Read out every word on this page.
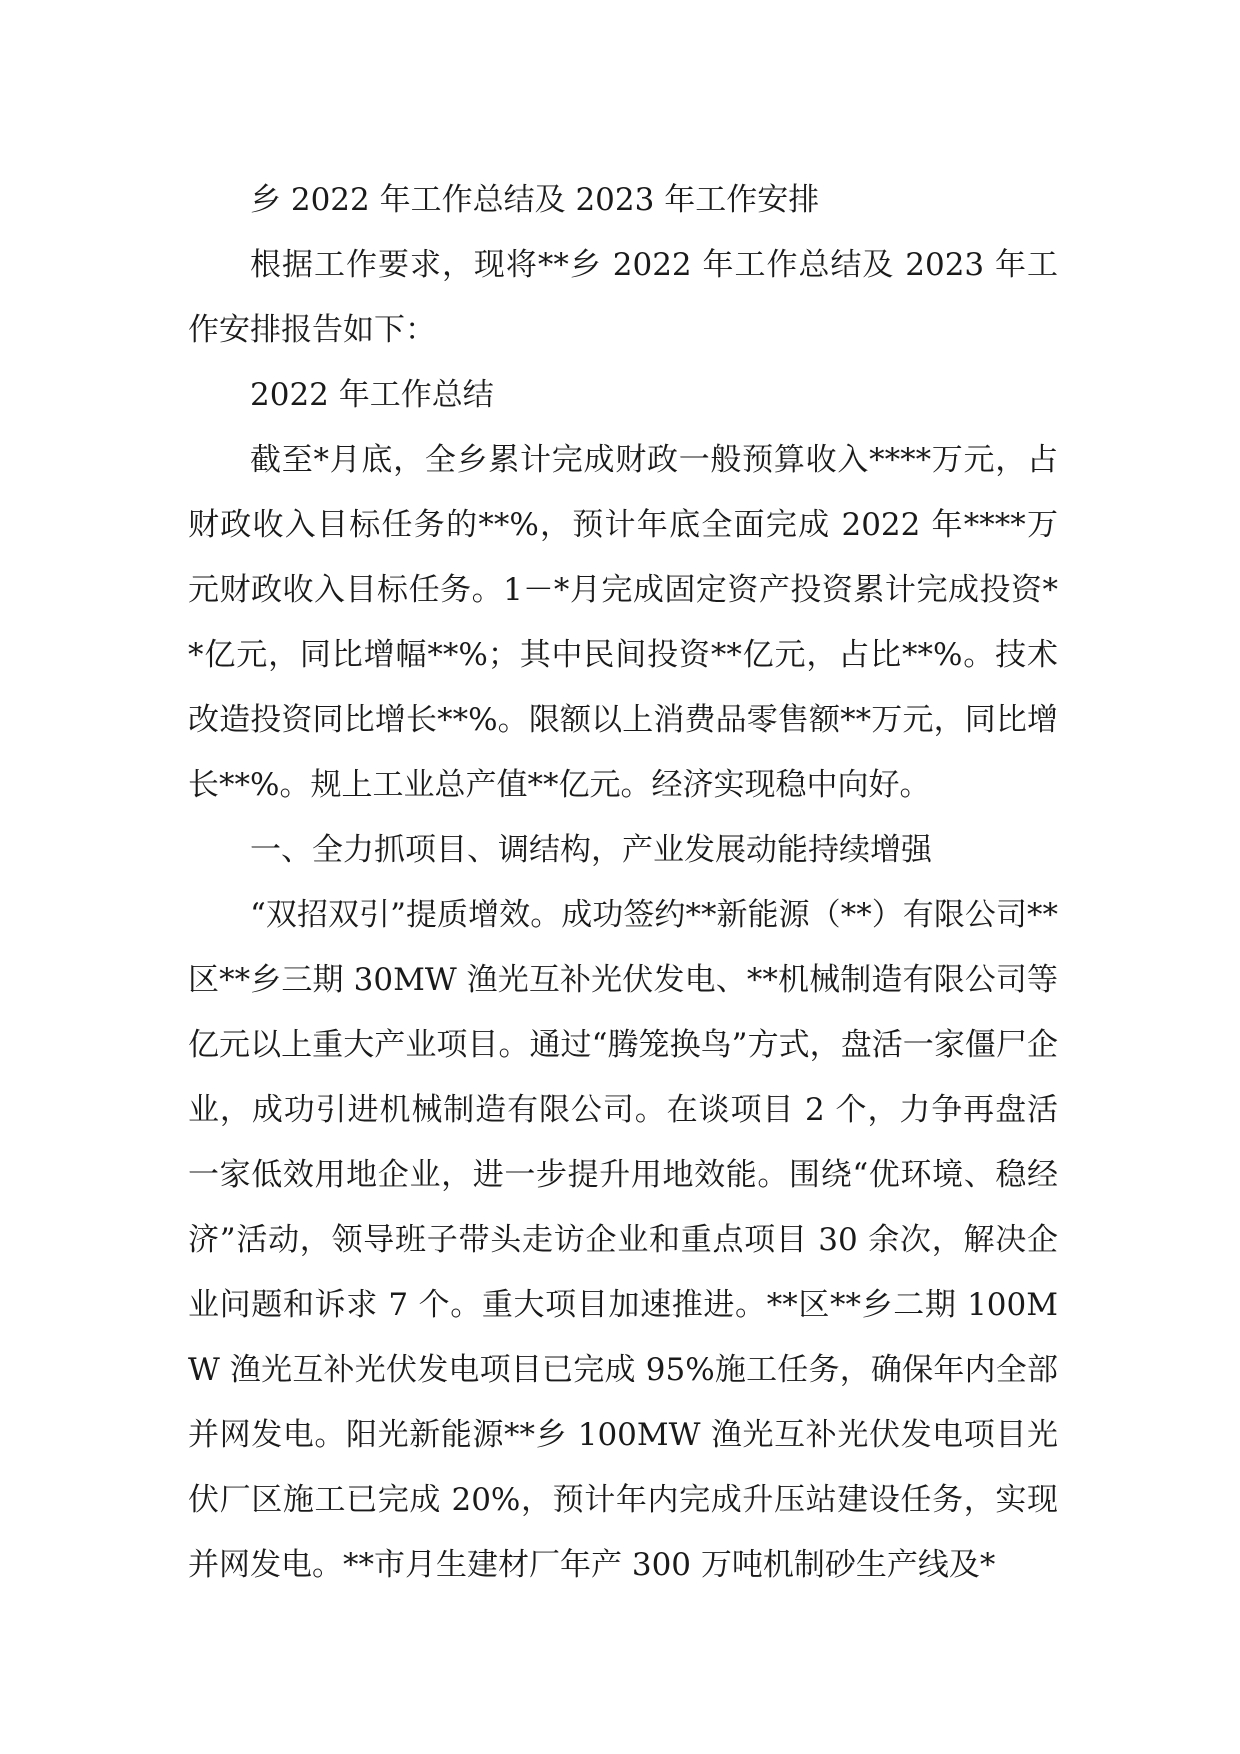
乡 2022 年工作总结及 2023 年工作安排

根据工作要求，现将**乡 2022 年工作总结及 2023 年工作安排报告如下：

2022 年工作总结

截至*月底，全乡累计完成财政一般预算收入****万元，占财政收入目标任务的**%，预计年底全面完成 2022 年****万元财政收入目标任务。1－*月完成固定资产投资累计完成投资**亿元，同比增幅**%；其中民间投资**亿元，占比**%。技术改造投资同比增长**%。限额以上消费品零售额**万元，同比增长**%。规上工业总产值**亿元。经济实现稳中向好。

一、全力抓项目、调结构，产业发展动能持续增强

“双招双引”提质增效。成功签约**新能源（**）有限公司**区**乡三期 30MW 渔光互补光伏发电、**机械制造有限公司等亿元以上重大产业项目。通过“腾笼换鸟”方式，盘活一家僵尸企业，成功引进机械制造有限公司。在谈项目 2 个，力争再盘活一家低效用地企业，进一步提升用地效能。围绕“优环境、稳经济”活动，领导班子带头走访企业和重点项目 30 余次，解决企业问题和诉求 7 个。重大项目加速推进。**区**乡二期 100MW 渔光互补光伏发电项目已完成 95%施工任务，确保年内全部并网发电。阳光新能源**乡 100MW 渔光互补光伏发电项目光伏厂区施工已完成 20%，预计年内完成升压站建设任务，实现并网发电。**市月生建材厂年产 300 万吨机制砂生产线及*
